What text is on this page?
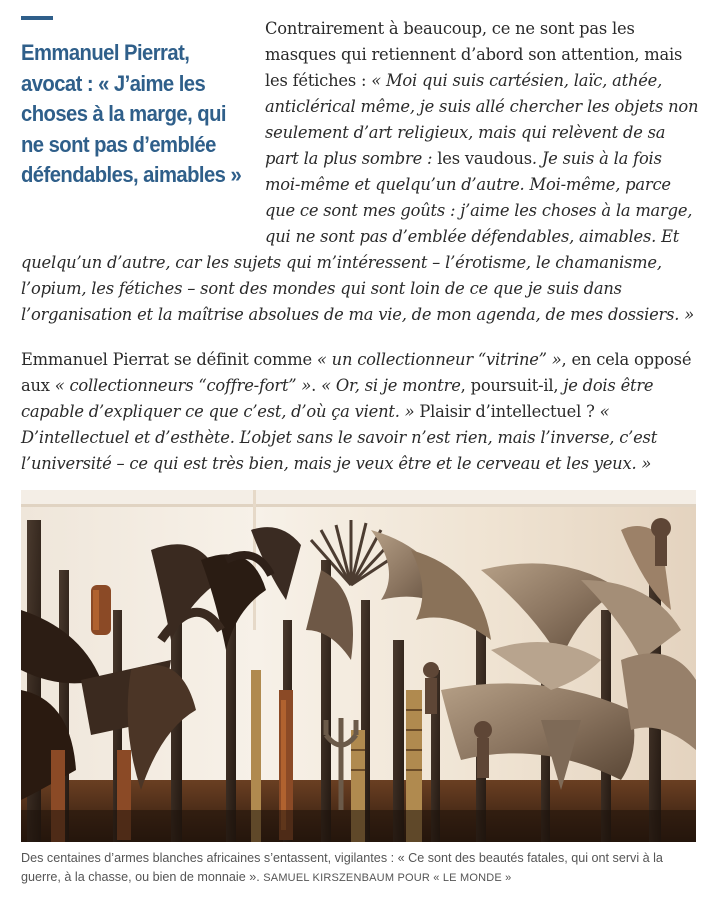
Contrairement à beaucoup, ce ne sont pas les masques qui retiennent d’abord son attention, mais les fétiches : « Moi qui suis cartésien, laïc, athée, anticlérical même, je suis allé chercher les objets non seulement d’art religieux, mais qui relèvent de sa part la plus sombre : les vaudous. Je suis à la fois moi-même et quelqu’un d’autre. Moi-même, parce que ce sont mes goûts : j’aime les choses à la marge, qui ne sont pas d’emblée défendables, aimables. Et quelqu’un d’autre, car les sujets qui m’intéressent – l’érotisme, le chamanisme, l’opium, les fétiches – sont des mondes qui sont loin de ce que je suis dans l’organisation et la maîtrise absolues de ma vie, de mon agenda, de mes dossiers. »

Emmanuel Pierrat, avocat : « J’aime les choses à la marge, qui ne sont pas d’emblée défendables, aimables »

Emmanuel Pierrat se définit comme « un collectionneur “vitrine” », en cela opposé aux « collectionneurs “coffre-fort” ». « Or, si je montre, poursuit-il, je dois être capable d’expliquer ce que c’est, d’où ça vient. » Plaisir d’intellectuel ? « D’intellectuel et d’esthète. L’objet sans le savoir n’est rien, mais l’inverse, c’est l’université – ce qui est très bien, mais je veux être et le cerveau et les yeux. »

Des centaines d’armes blanches africaines s’entassent, vigilantes : « Ce sont des beautés fatales, qui ont servi à la guerre, à la chasse, ou bien de monnaie ». SAMUEL KIRSZENBAUM POUR « LE MONDE »
